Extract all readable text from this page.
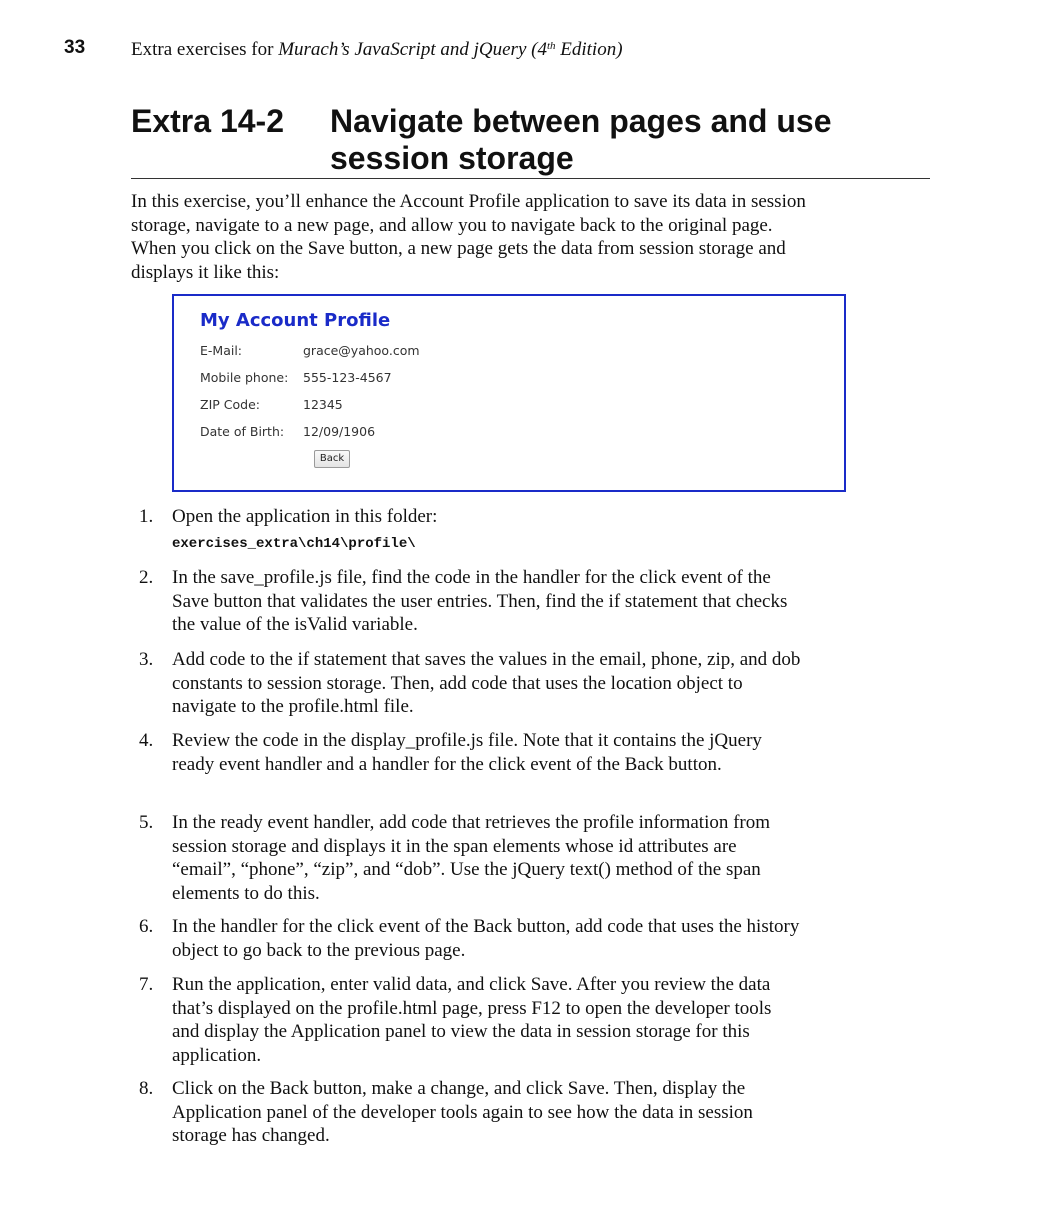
33 Extra exercises for Murach’s JavaScript and jQuery (4th Edition)
Extra 14-2 Navigate between pages and use session storage

In this exercise, you’ll enhance the Account Profile application to save its data in session storage, navigate to a new page, and allow you to navigate back to the original page. When you click on the Save button, a new page gets the data from session storage and displays it like this:

My Account Profile
E-Mail:	grace@yahoo.com
Mobile phone: 555-123-4567
ZIP Code:	12345
Date of Birth: 12/09/1906
Back
1. Open the application in this folder:
exercises_extra\ch14\profile\
2. In the save_profile.js file, find the code in the handler for the click event of the Save button that validates the user entries. Then, find the if statement that checks the value of the isValid variable.
3. Add code to the if statement that saves the values in the email, phone, zip, and dob constants to session storage. Then, add code that uses the location object to navigate to the profile.html file.
4. Review the code in the display_profile.js file. Note that it contains the jQuery ready event handler and a handler for the click event of the Back button.
5. In the ready event handler, add code that retrieves the profile information from session storage and displays it in the span elements whose id attributes are “email”, “phone”, “zip”, and “dob”. Use the jQuery text() method of the span elements to do this.
6. In the handler for the click event of the Back button, add code that uses the history object to go back to the previous page.
7. Run the application, enter valid data, and click Save. After you review the data that’s displayed on the profile.html page, press F12 to open the developer tools and display the Application panel to view the data in session storage for this application.
8. Click on the Back button, make a change, and click Save. Then, display the Application panel of the developer tools again to see how the data in session storage has changed.
